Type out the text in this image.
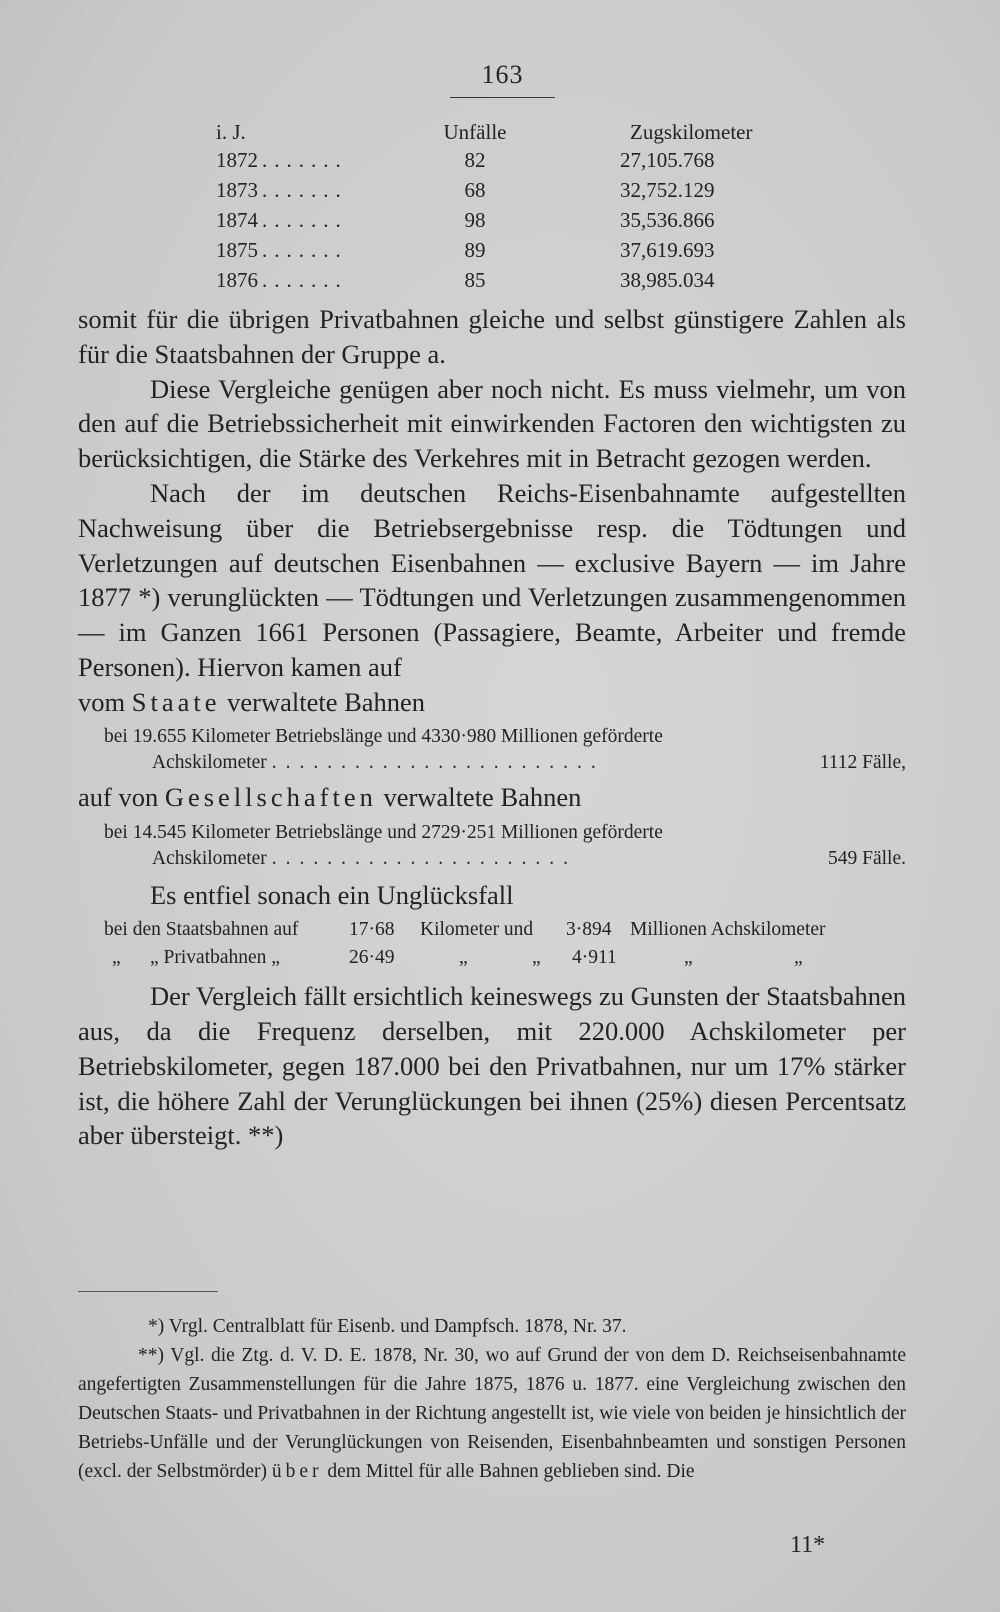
163
i. J.	Unfälle	Zugskilometer
1872 .......	82	27,105.768
1873 .......	68	32,752.129
1874 .......	98	35,536.866
1875 .......	89	37,619.693
1876 .......	85	38,985.034

somit für die übrigen Privatbahnen gleiche und selbst günstigere Zahlen als für die Staatsbahnen der Gruppe a.

Diese Vergleiche genügen aber noch nicht. Es muss vielmehr, um von den auf die Betriebssicherheit mit einwirkenden Factoren den wichtigsten zu berücksichtigen, die Stärke des Verkehres mit in Betracht gezogen werden.

Nach der im deutschen Reichs-Eisenbahnamte aufgestellten Nachweisung über die Betriebsergebnisse resp. die Tödtungen und Verletzungen auf deutschen Eisenbahnen — exclusive Bayern — im Jahre 1877 *) verunglückten — Tödtungen und Verletzungen zusammengenommen — im Ganzen 1661 Personen (Passagiere, Beamte, Arbeiter und fremde Personen). Hiervon kamen auf

vom Staate verwaltete Bahnen

bei 19.655 Kilometer Betriebslänge und 4330·980 Millionen geförderte
Achskilometer ........................	1112 Fälle,

auf von Gesellschaften verwaltete Bahnen

bei 14.545 Kilometer Betriebslänge und 2729·251 Millionen geförderte
Achskilometer ......................	549 Fälle.

Es entfiel sonach ein Unglücksfall

bei den Staatsbahnen auf	17·68 Kilometer und 3·894 Millionen Achskilometer
„ „ Privatbahnen „	26·49	„	„ 4·911	„	„

Der Vergleich fällt ersichtlich keineswegs zu Gunsten der Staatsbahnen aus, da die Frequenz derselben, mit 220.000 Achskilometer per Betriebskilometer, gegen 187.000 bei den Privatbahnen, nur um 17% stärker ist, die höhere Zahl der Verunglückungen bei ihnen (25%) diesen Percentsatz aber übersteigt. **)

*) Vrgl. Centralblatt für Eisenb. und Dampfsch. 1878, Nr. 37.

**) Vgl. die Ztg. d. V. D. E. 1878, Nr. 30, wo auf Grund der von dem D. Reichseisenbahnamte angefertigten Zusammenstellungen für die Jahre 1875, 1876 u. 1877. eine Vergleichung zwischen den Deutschen Staats- und Privatbahnen in der Richtung angestellt ist, wie viele von beiden je hinsichtlich der Betriebs-Unfälle und der Verunglückungen von Reisenden, Eisenbahnbeamten und sonstigen Personen (excl. der Selbstmörder) über dem Mittel für alle Bahnen geblieben sind. Die

11*
